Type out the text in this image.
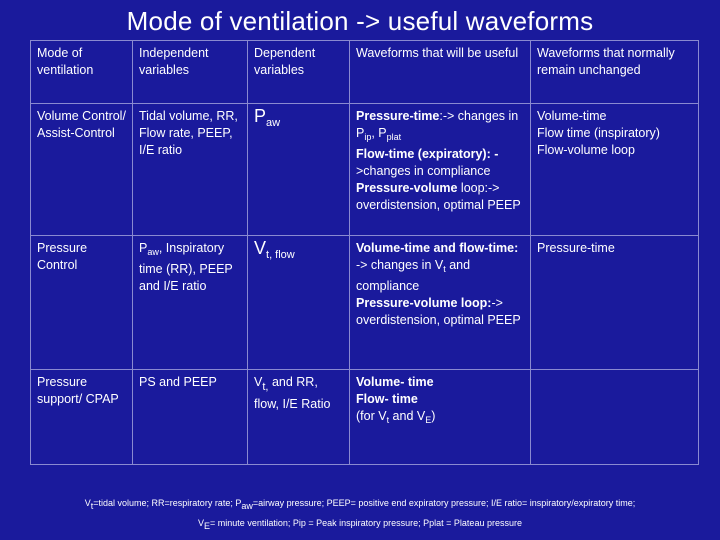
Mode of ventilation -> useful waveforms
Mode of ventilation	Independent variables	Dependent variables	Waveforms that will be useful	Waveforms that normally remain unchanged
Volume Control/ Assist-Control	Tidal volume, RR, Flow rate, PEEP, I/E ratio	$P_{aw}$	Pressure-time:-> changes in $P_{ip}$, $P_{plat}$
Flow-time (expiratory): ->changes in compliance
Pressure-volume loop:-> overdistension, optimal PEEP	Volume-time
Flow time (inspiratory)
Flow-volume loop

Pressure Control	$P_{aw}$, Inspiratory time (RR), PEEP and I/E ratio	$V_{t, flow}$	Volume-time and flow-time: -> changes in $V_t$ and compliance
Pressure-volume loop:-> overdistension, optimal PEEP	Pressure-time

Pressure support/ CPAP	PS and PEEP	Vt, and RR, flow, I/E Ratio	Volume- time
Flow- time
(for $V_t$ and $V_E$)	

Vt=tidal volume; RR=respiratory rate; Paw=airway pressure; PEEP= positive end expiratory pressure; I/E ratio= inspiratory/expiratory time;
VE= minute ventilation; Pip = Peak inspiratory pressure; Pplat = Plateau pressure
